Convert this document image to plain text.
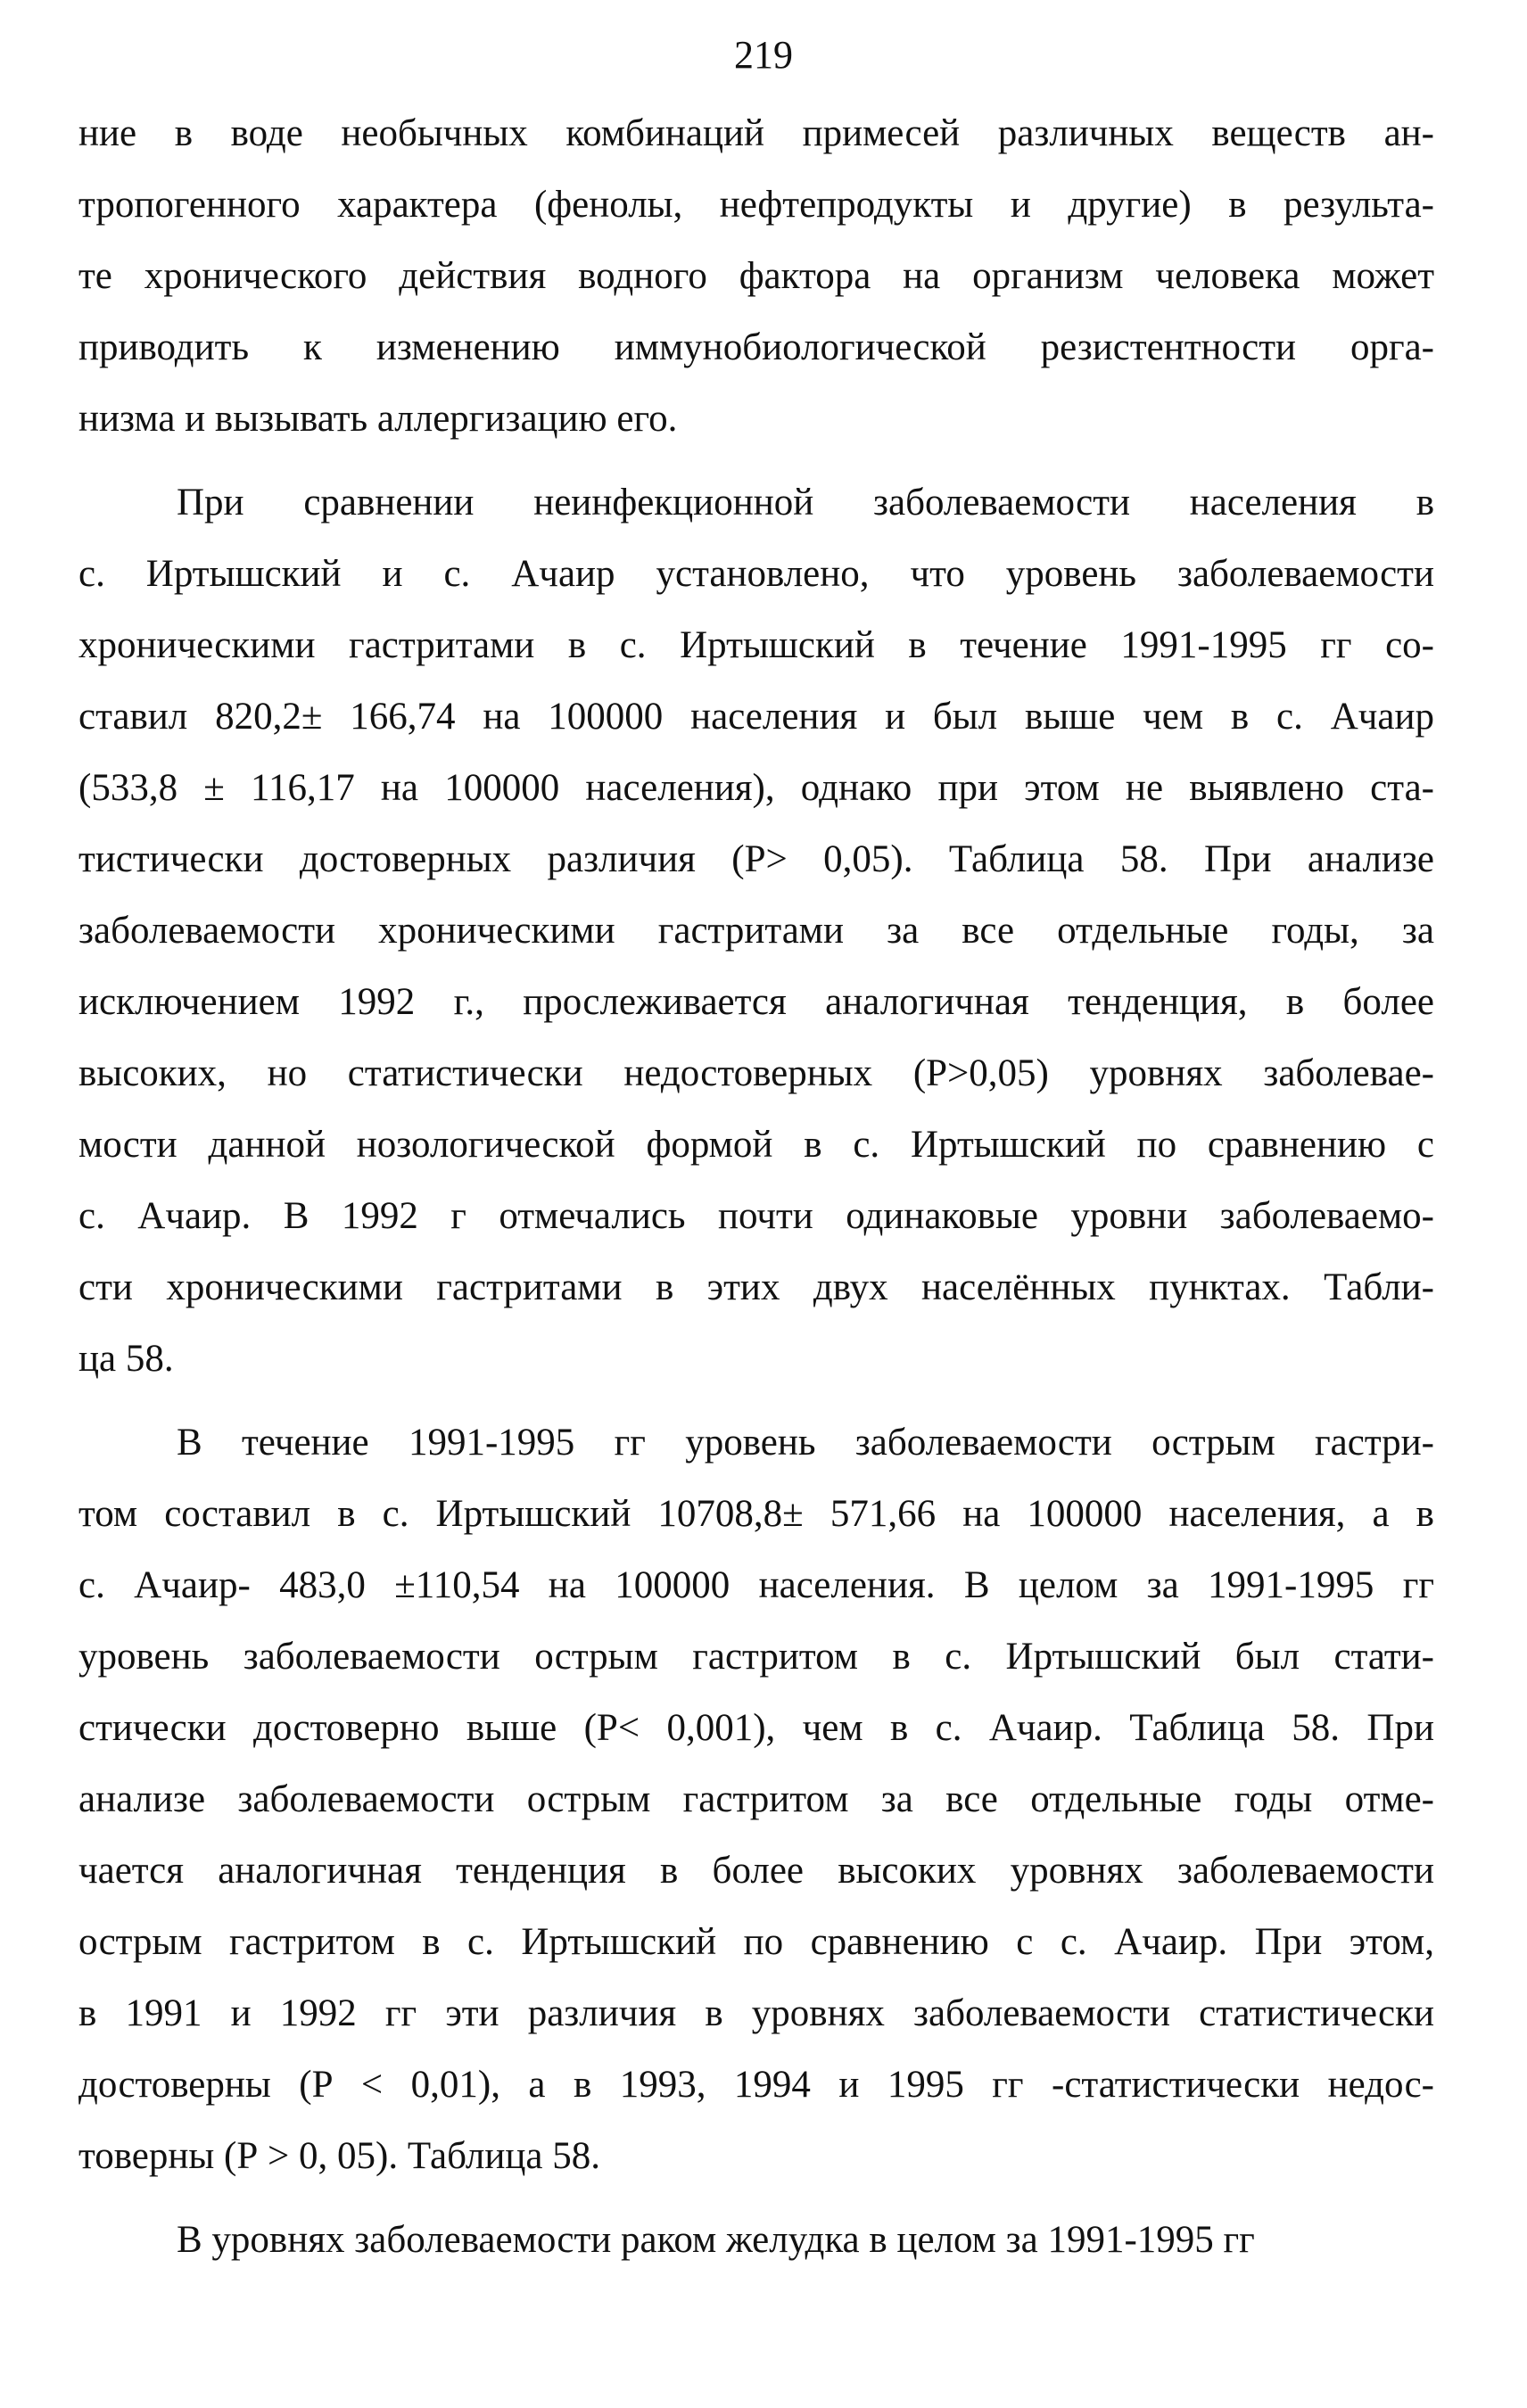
219
ние в воде необычных комбинаций примесей различных веществ ан-
тропогенного характера (фенолы, нефтепродукты и другие) в результа-
те хронического действия водного фактора на организм человека может
приводить к изменению иммунобиологической резистентности орга-
низма и вызывать аллергизацию его.
При сравнении неинфекционной заболеваемости населения в
с. Иртышский и с. Ачаир установлено, что уровень заболеваемости
хроническими гастритами в с. Иртышский в течение 1991-1995 гг со-
ставил 820,2± 166,74 на 100000 населения и был выше чем в с. Ачаир
(533,8 ± 116,17 на 100000 населения), однако при этом не выявлено ста-
тистически достоверных различия (Р> 0,05). Таблица 58. При анализе
заболеваемости хроническими гастритами за все отдельные годы, за
исключением 1992 г., прослеживается аналогичная тенденция, в более
высоких, но статистически недостоверных (Р>0,05) уровнях заболевае-
мости данной нозологической формой в с. Иртышский по сравнению с
с. Ачаир. В 1992 г отмечались почти одинаковые уровни заболеваемо-
сти хроническими гастритами в этих двух населённых пунктах. Табли-
ца 58.
В течение 1991-1995 гг уровень заболеваемости острым гастри-
том составил в с. Иртышский 10708,8± 571,66 на 100000 населения, а в
с. Ачаир- 483,0 ±110,54 на 100000 населения. В целом за 1991-1995 гг
уровень заболеваемости острым гастритом в с. Иртышский был стати-
стически достоверно выше (Р< 0,001), чем в с. Ачаир. Таблица 58. При
анализе заболеваемости острым гастритом за все отдельные годы отме-
чается аналогичная тенденция в более высоких уровнях заболеваемости
острым гастритом в с. Иртышский по сравнению с с. Ачаир. При этом,
в 1991 и 1992 гг эти различия в уровнях заболеваемости статистически
достоверны (Р < 0,01), а в 1993, 1994 и 1995 гг -статистически недос-
товерны (Р > 0, 05). Таблица 58.
В уровнях заболеваемости раком желудка в целом за 1991-1995 гг
